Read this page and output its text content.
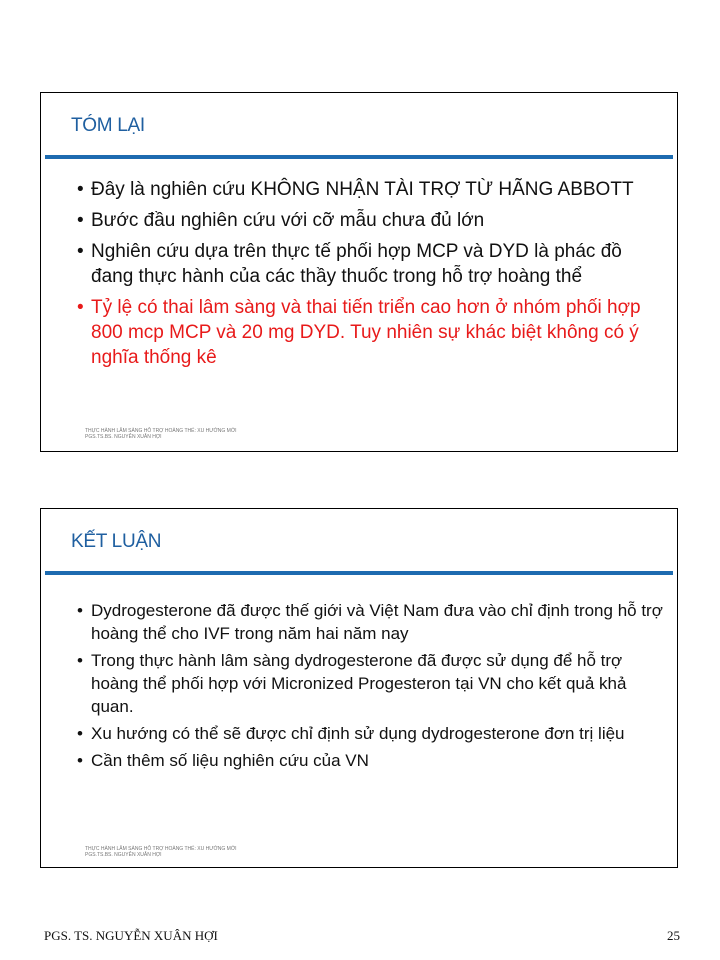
TÓM LẠI
• Đây là nghiên cứu KHÔNG NHẬN TÀI TRỢ TỪ HÃNG ABBOTT
• Bước đầu nghiên cứu với cỡ mẫu chưa đủ lớn
• Nghiên cứu dựa trên thực tế phối hợp MCP và DYD là phác đồ đang thực hành của các thầy thuốc trong hỗ trợ hoàng thể
• Tỷ lệ có thai lâm sàng và thai tiến triển cao hơn ở nhóm phối hợp 800 mcp MCP và 20 mg DYD. Tuy nhiên sự khác biệt không có ý nghĩa thống kê
THỰC HÀNH LÂM SÀNG HỖ TRỢ HOÀNG THỂ: XU HƯỚNG MỚI
PGS.TS.BS. NGUYỄN XUÂN HỢI
KẾT LUẬN
• Dydrogesterone đã được thế giới và Việt Nam đưa vào chỉ định trong hỗ trợ hoàng thể cho IVF trong năm hai năm nay
• Trong thực hành lâm sàng dydrogesterone đã được sử dụng để hỗ trợ hoàng thể phối hợp với Micronized Progesteron tại VN cho kết quả khả quan.
• Xu hướng có thể sẽ được chỉ định sử dụng dydrogesterone đơn trị liệu
• Cần thêm số liệu nghiên cứu của VN
THỰC HÀNH LÂM SÀNG HỖ TRỢ HOÀNG THỂ: XU HƯỚNG MỚI
PGS.TS.BS. NGUYỄN XUÂN HỢI
PGS. TS. NGUYỄN XUÂN HỢI	25
